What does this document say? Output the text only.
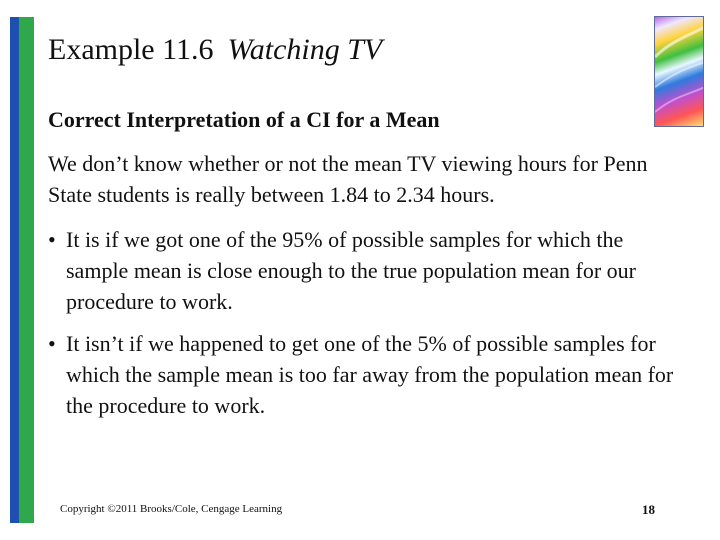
Example 11.6 Watching TV
Correct Interpretation of a CI for a Mean
We don’t know whether or not the mean TV viewing hours for Penn State students is really between 1.84 to 2.34 hours.
• It is if we got one of the 95% of possible samples for which the sample mean is close enough to the true population mean for our procedure to work.
• It isn’t if we happened to get one of the 5% of possible samples for which the sample mean is too far away from the population mean for the procedure to work.
Copyright ©2011 Brooks/Cole, Cengage Learning	18
